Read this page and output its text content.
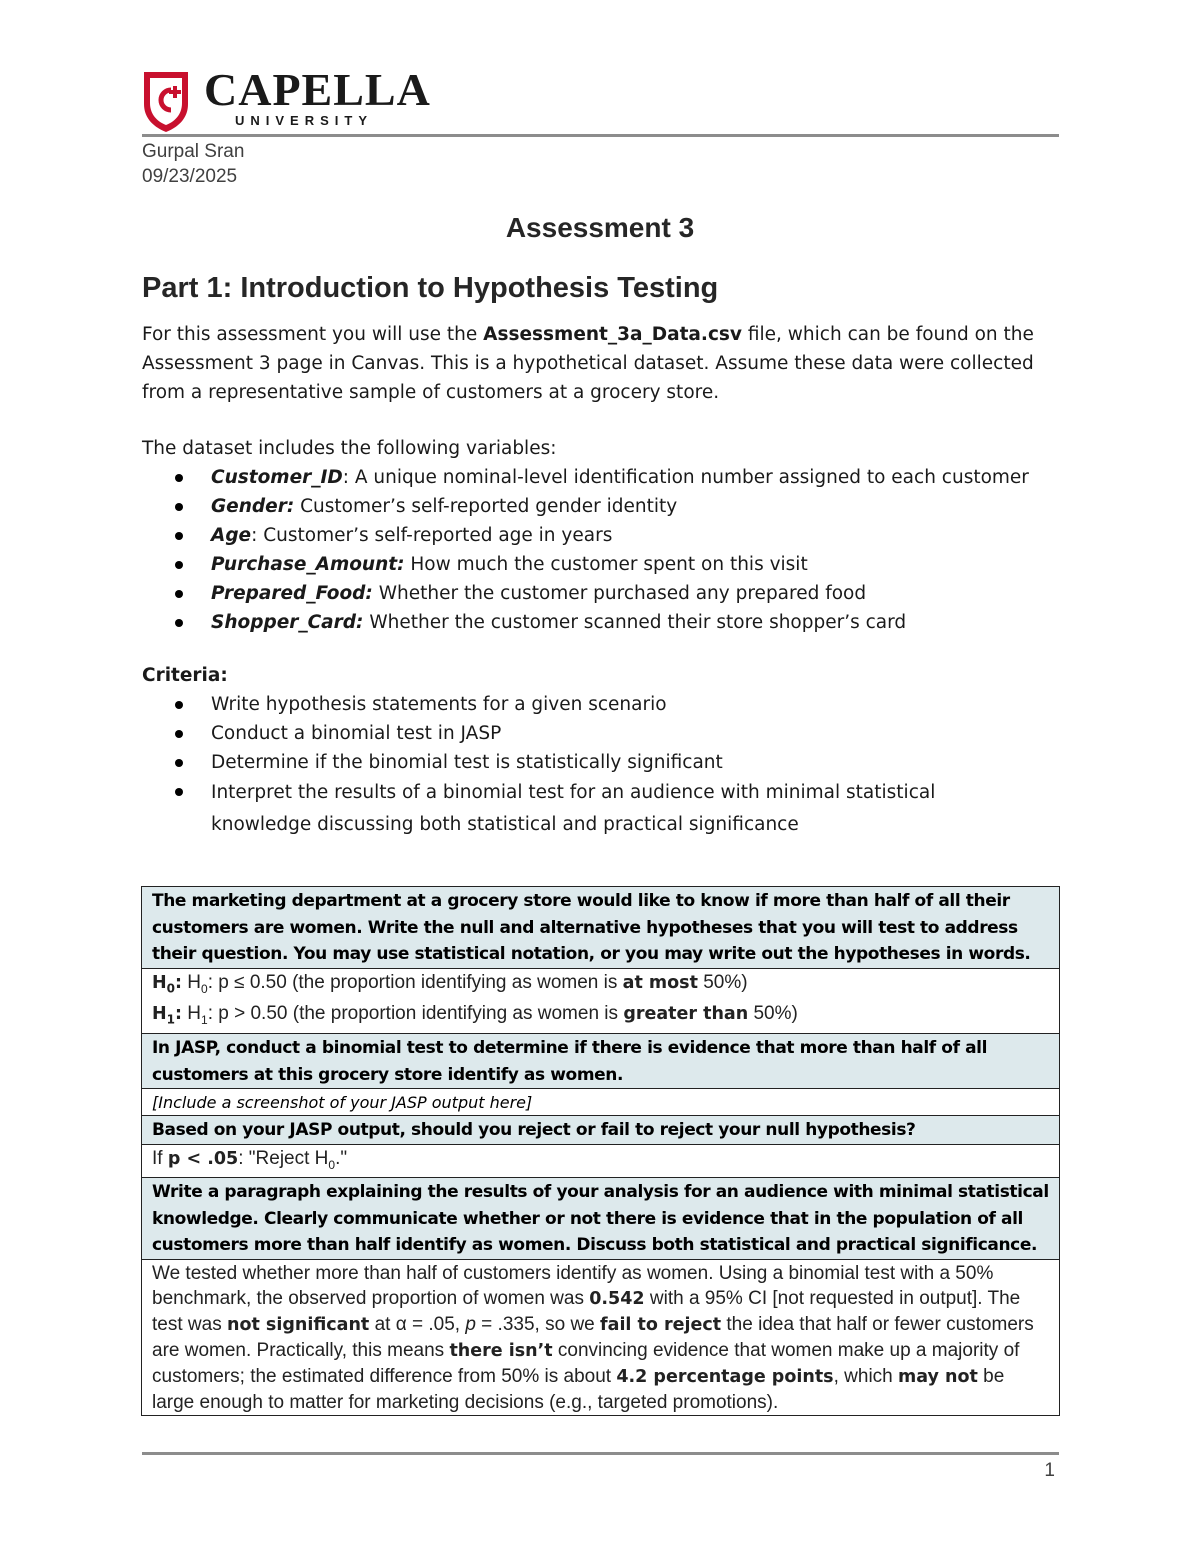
CAPELLA
UNIVERSITY
Gurpal Sran
09/23/2025
Assessment 3
Part 1: Introduction to Hypothesis Testing
For this assessment you will use the Assessment_3a_Data.csv file, which can be found on the Assessment 3 page in Canvas. This is a hypothetical dataset. Assume these data were collected from a representative sample of customers at a grocery store.
The dataset includes the following variables:
Customer_ID: A unique nominal-level identification number assigned to each customer
Gender: Customer’s self-reported gender identity
Age: Customer’s self-reported age in years
Purchase_Amount: How much the customer spent on this visit
Prepared_Food: Whether the customer purchased any prepared food
Shopper_Card: Whether the customer scanned their store shopper’s card
Criteria:
Write hypothesis statements for a given scenario
Conduct a binomial test in JASP
Determine if the binomial test is statistically significant
Interpret the results of a binomial test for an audience with minimal statistical knowledge discussing both statistical and practical significance
The marketing department at a grocery store would like to know if more than half of all their customers are women. Write the null and alternative hypotheses that you will test to address their question. You may use statistical notation, or you may write out the hypotheses in words.

$H_0$: $H_0$: p ≤ 0.50 (the proportion identifying as women is at most 50%)
$H_1$: $H_1$: p > 0.50 (the proportion identifying as women is greater than 50%)

In JASP, conduct a binomial test to determine if there is evidence that more than half of all customers at this grocery store identify as women.
[Include a screenshot of your JASP output here]
Based on your JASP output, should you reject or fail to reject your null hypothesis?
If p < .05: "Reject $H_0$."
Write a paragraph explaining the results of your analysis for an audience with minimal statistical knowledge. Clearly communicate whether or not there is evidence that in the population of all customers more than half identify as women. Discuss both statistical and practical significance.
We tested whether more than half of customers identify as women. Using a binomial test with a 50% benchmark, the observed proportion of women was 0.542 with a 95% CI [not requested in output]. The test was not significant at α = .05, p = .335, so we fail to reject the idea that half or fewer customers are women. Practically, this means there isn’t convincing evidence that women make up a majority of customers; the estimated difference from 50% is about 4.2 percentage points, which may not be large enough to matter for marketing decisions (e.g., targeted promotions).
1
